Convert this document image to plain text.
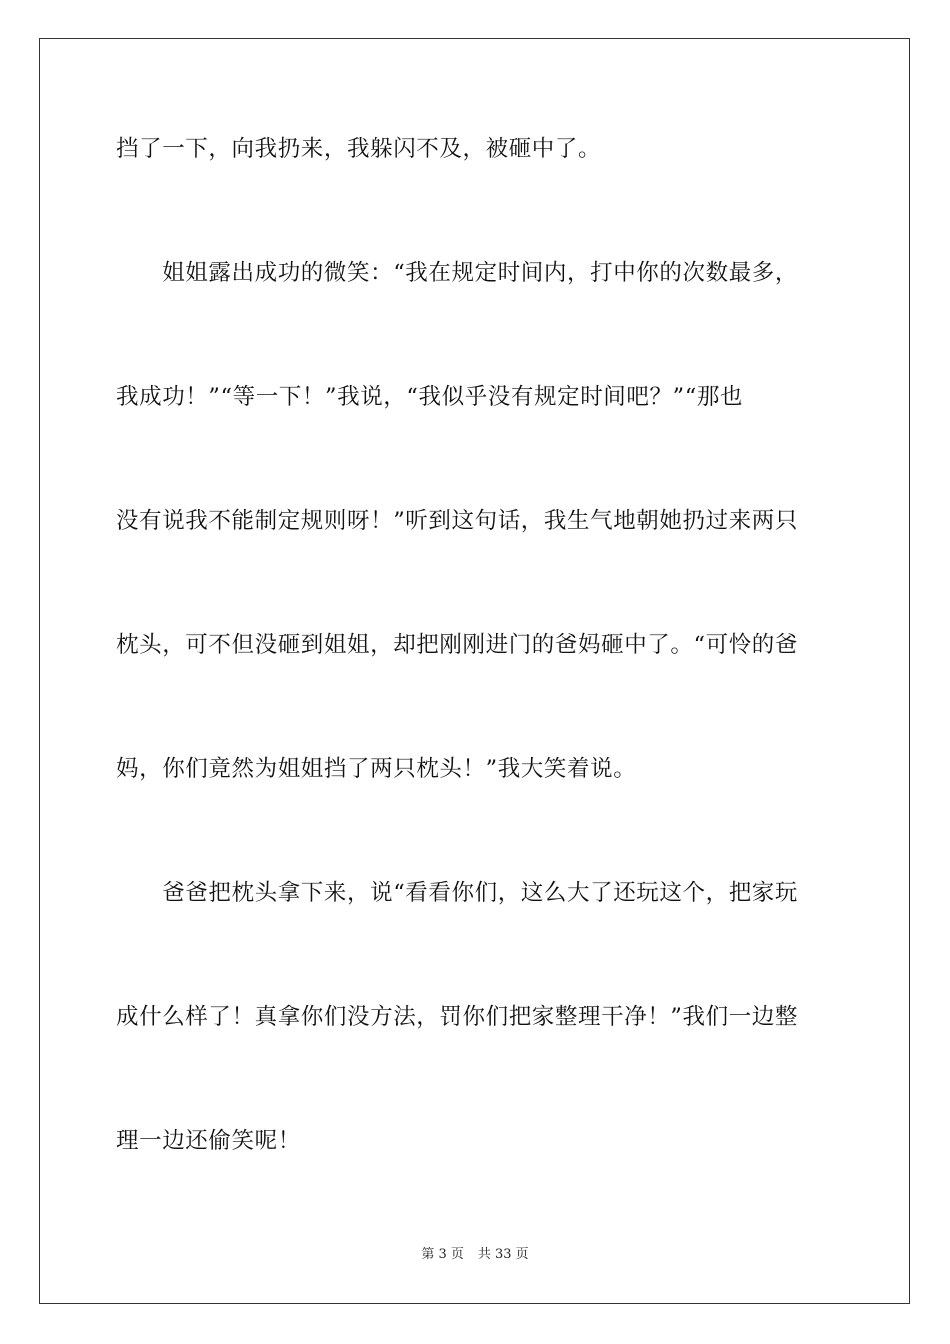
挡了一下，向我扔来，我躲闪不及，被砸中了。
　　姐姐露出成功的微笑：“我在规定时间内，打中你的次数最多，
我成功！”“等一下！”我说，“我似乎没有规定时间吧？”“那也
没有说我不能制定规则呀！”听到这句话，我生气地朝她扔过来两只
枕头，可不但没砸到姐姐，却把刚刚进门的爸妈砸中了。“可怜的爸
妈，你们竟然为姐姐挡了两只枕头！”我大笑着说。
　　爸爸把枕头拿下来，说“看看你们，这么大了还玩这个，把家玩
成什么样了！真拿你们没方法，罚你们把家整理干净！”我们一边整
理一边还偷笑呢！
第 3 页 共 33 页
